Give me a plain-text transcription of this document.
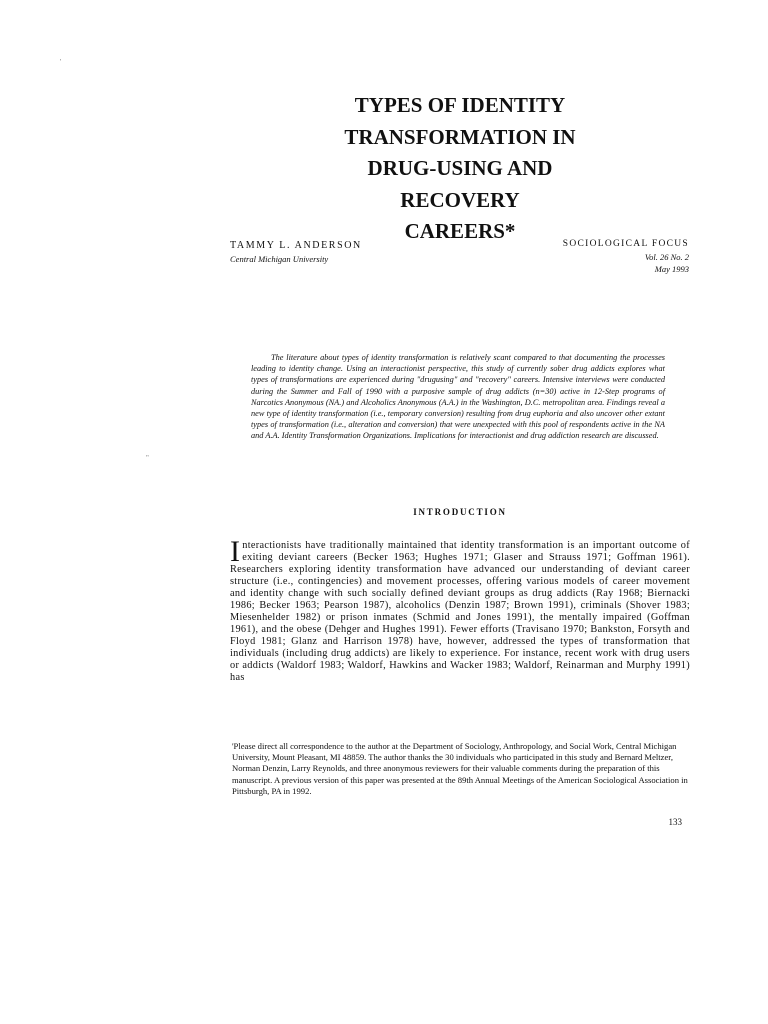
'
"
TYPES OF IDENTITY
TRANSFORMATION IN
DRUG-USING AND
RECOVERY
CAREERS*
TAMMY L. ANDERSON
Central Michigan University
SOCIOLOGICAL FOCUS
Vol. 26 No. 2
May 1993
The literature about types of identity transformation is relatively scant compared to that documenting the processes leading to identity change. Using an interactionist perspective, this study of currently sober drug addicts explores what types of transformations are experienced during "drugusing" and "recovery" careers. Intensive interviews were conducted during the Summer and Fall of 1990 with a purposive sample of drug addicts (n=30) active in 12-Step programs of Narcotics Anonymous (NA.) and Alcoholics Anonymous (A.A.) in the Washington, D.C. metropolitan area. Findings reveal a new type of identity transformation (i.e., temporary conversion) resulting from drug euphoria and also uncover other extant types of transformation (i.e., alteration and conversion) that were unexpected with this pool of respondents active in the NA and A.A. Identity Transformation Organizations. Implications for interactionist and drug addiction research are discussed.
INTRODUCTION
I nteractionists have traditionally maintained that identity transformation is an important outcome of exiting deviant careers (Becker 1963; Hughes 1971; Glaser and Strauss 1971; Goffman 1961). Researchers exploring identity transformation have advanced our understanding of deviant career structure (i.e., contingencies) and movement processes, offering various models of career movement and identity change with such socially defined deviant groups as drug addicts (Ray 1968; Biernacki 1986; Becker 1963; Pearson 1987), alcoholics (Denzin 1987; Brown 1991), criminals (Shover 1983; Miesenhelder 1982) or prison inmates (Schmid and Jones 1991), the mentally impaired (Goffman 1961), and the obese (Dehger and Hughes 1991). Fewer efforts (Travisano 1970; Bankston, Forsyth and Floyd 1981; Glanz and Harrison 1978) have, however, addressed the types of transformation that individuals (including drug addicts) are likely to experience. For instance, recent work with drug users or addicts (Waldorf 1983; Waldorf, Hawkins and Wacker 1983; Waldorf, Reinarman and Murphy 1991) has
'Please direct all correspondence to the author at the Department of Sociology, Anthropology, and Social Work, Central Michigan University, Mount Pleasant, MI 48859. The author thanks the 30 individuals who participated in this study and Bernard Meltzer, Norman Denzin, Larry Reynolds, and three anonymous reviewers for their valuable comments during the preparation of this manuscript. A previous version of this paper was presented at the 89th Annual Meetings of the American Sociological Association in Pittsburgh, PA in 1992.
133
